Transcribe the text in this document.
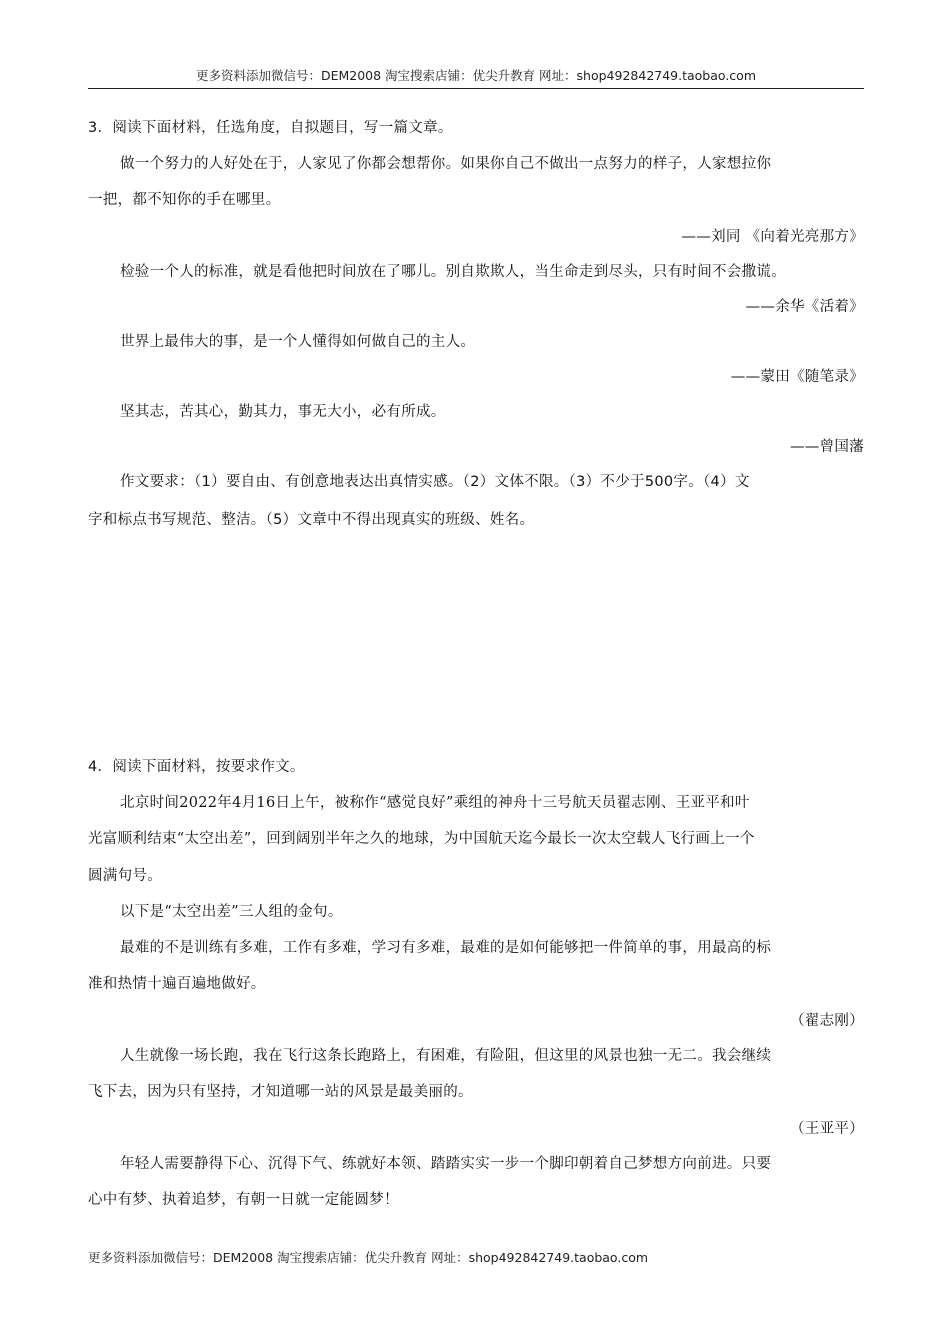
更多资料添加微信号：DEM2008 淘宝搜索店铺：优尖升教育 网址：shop492842749.taobao.com
3．阅读下面材料，任选角度，自拟题目，写一篇文章。
做一个努力的人好处在于，人家见了你都会想帮你。如果你自己不做出一点努力的样子，人家想拉你
一把，都不知你的手在哪里。
——刘同 《向着光亮那方》
检验一个人的标准，就是看他把时间放在了哪儿。别自欺欺人，当生命走到尽头，只有时间不会撒谎。
——余华《活着》
世界上最伟大的事，是一个人懂得如何做自己的主人。
——蒙田《随笔录》
坚其志，苦其心，勤其力，事无大小，必有所成。
——曾国藩
作文要求：（1）要自由、有创意地表达出真情实感。（2）文体不限。（3）不少于500字。（4）文
字和标点书写规范、整洁。（5）文章中不得出现真实的班级、姓名。
4．阅读下面材料，按要求作文。
北京时间2022年4月16日上午，被称作“感觉良好”乘组的神舟十三号航天员翟志刚、王亚平和叶
光富顺利结束“太空出差”，回到阔别半年之久的地球，为中国航天迄今最长一次太空载人飞行画上一个
圆满句号。
以下是“太空出差”三人组的金句。
最难的不是训练有多难，工作有多难，学习有多难，最难的是如何能够把一件简单的事，用最高的标
准和热情十遍百遍地做好。
（翟志刚）
人生就像一场长跑，我在飞行这条长跑路上，有困难，有险阻，但这里的风景也独一无二。我会继续
飞下去，因为只有坚持，才知道哪一站的风景是最美丽的。
（王亚平）
年轻人需要静得下心、沉得下气、练就好本领、踏踏实实一步一个脚印朝着自己梦想方向前进。只要
心中有梦、执着追梦，有朝一日就一定能圆梦！
更多资料添加微信号：DEM2008 淘宝搜索店铺：优尖升教育 网址：shop492842749.taobao.com
